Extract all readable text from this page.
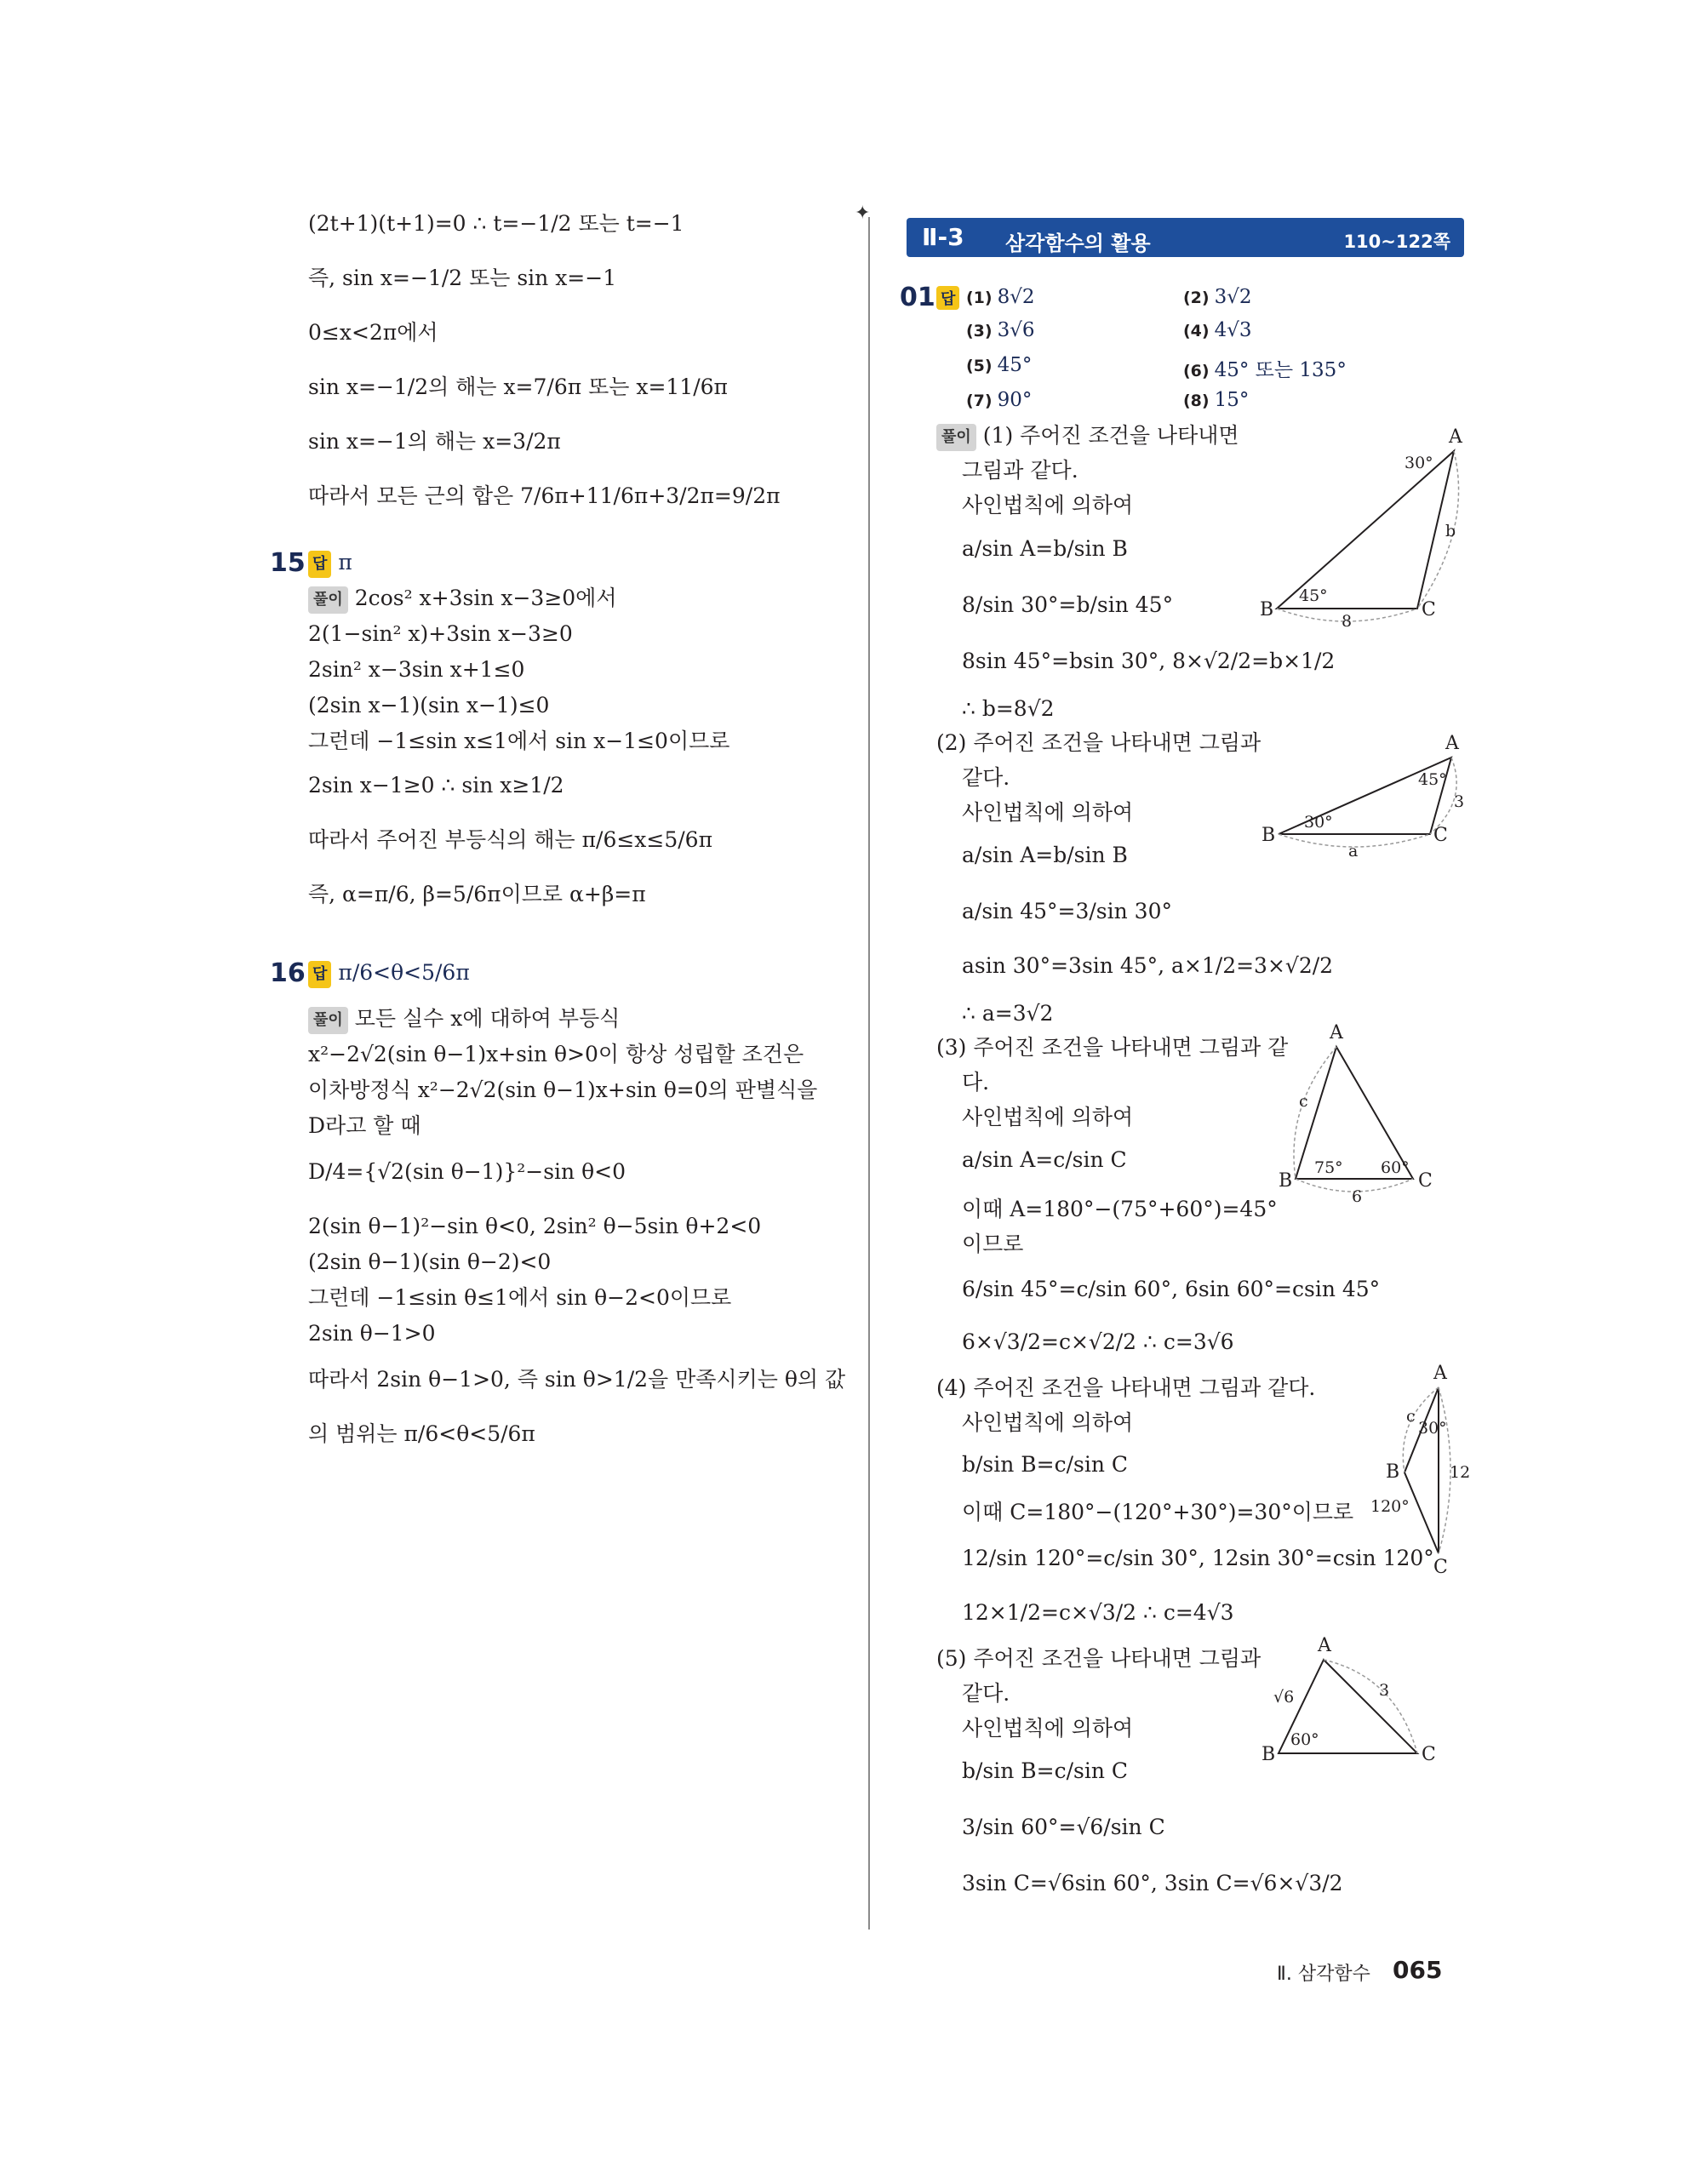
✦
(2t+1)(t+1)=0 ∴ t=−1/2 또는 t=−1
즉, sin x=−1/2 또는 sin x=−1
0≤x<2π에서
sin x=−1/2의 해는 x=7/6π 또는 x=11/6π
sin x=−1의 해는 x=3/2π
따라서 모든 근의 합은 7/6π+11/6π+3/2π=9/2π
15 답 π
풀이 2cos² x+3sin x−3≥0에서
2(1−sin² x)+3sin x−3≥0
2sin² x−3sin x+1≤0
(2sin x−1)(sin x−1)≤0
그런데 −1≤sin x≤1에서 sin x−1≤0이므로
2sin x−1≥0 ∴ sin x≥1/2
따라서 주어진 부등식의 해는 π/6≤x≤5/6π
즉, α=π/6, β=5/6π이므로 α+β=π
16 답 π/6<θ<5/6π
풀이 모든 실수 x에 대하여 부등식
x²−2√2(sin θ−1)x+sin θ>0이 항상 성립할 조건은
이차방정식 x²−2√2(sin θ−1)x+sin θ=0의 판별식을
D라고 할 때
D/4={√2(sin θ−1)}²−sin θ<0
2(sin θ−1)²−sin θ<0, 2sin² θ−5sin θ+2<0
(2sin θ−1)(sin θ−2)<0
그런데 −1≤sin θ≤1에서 sin θ−2<0이므로
2sin θ−1>0
따라서 2sin θ−1>0, 즉 sin θ>1/2을 만족시키는 θ의 값
의 범위는 π/6<θ<5/6π
Ⅱ-3 삼각함수의 활용	110~122쪽
01 답 (1) 8√2	(2) 3√2
(3) 3√6	(4) 4√3
(5) 45°	(6) 45° 또는 135°
(7) 90°	(8) 15°
풀이 (1) 주어진 조건을 나타내면
그림과 같다.
사인법칙에 의하여
a/sin A=b/sin B
8/sin 30°=b/sin 45°
8sin 45°=bsin 30°, 8×√2/2=b×1/2
∴ b=8√2
(2) 주어진 조건을 나타내면 그림과
같다.
사인법칙에 의하여
a/sin A=b/sin B
a/sin 45°=3/sin 30°
asin 30°=3sin 45°, a×1/2=3×√2/2
∴ a=3√2
(3) 주어진 조건을 나타내면 그림과 같
다.
사인법칙에 의하여
a/sin A=c/sin C
이때 A=180°−(75°+60°)=45°
이므로
6/sin 45°=c/sin 60°, 6sin 60°=csin 45°
6×√3/2=c×√2/2 ∴ c=3√6
(4) 주어진 조건을 나타내면 그림과 같다.
사인법칙에 의하여
b/sin B=c/sin C
이때 C=180°−(120°+30°)=30°이므로
12/sin 120°=c/sin 30°, 12sin 30°=csin 120°
12×1/2=c×√3/2 ∴ c=4√3
(5) 주어진 조건을 나타내면 그림과
같다.
사인법칙에 의하여
b/sin B=c/sin C
3/sin 60°=√6/sin C
3sin C=√6sin 60°, 3sin C=√6×√3/2
A
B	C
30°
45°
8
b
A
B	C
45°
30°
a
3
A
B	C
75° 60°
6
c
A
B
C
30°
120°
12
c
A
B	C
60°
√6	3
Ⅱ. 삼각함수 065
